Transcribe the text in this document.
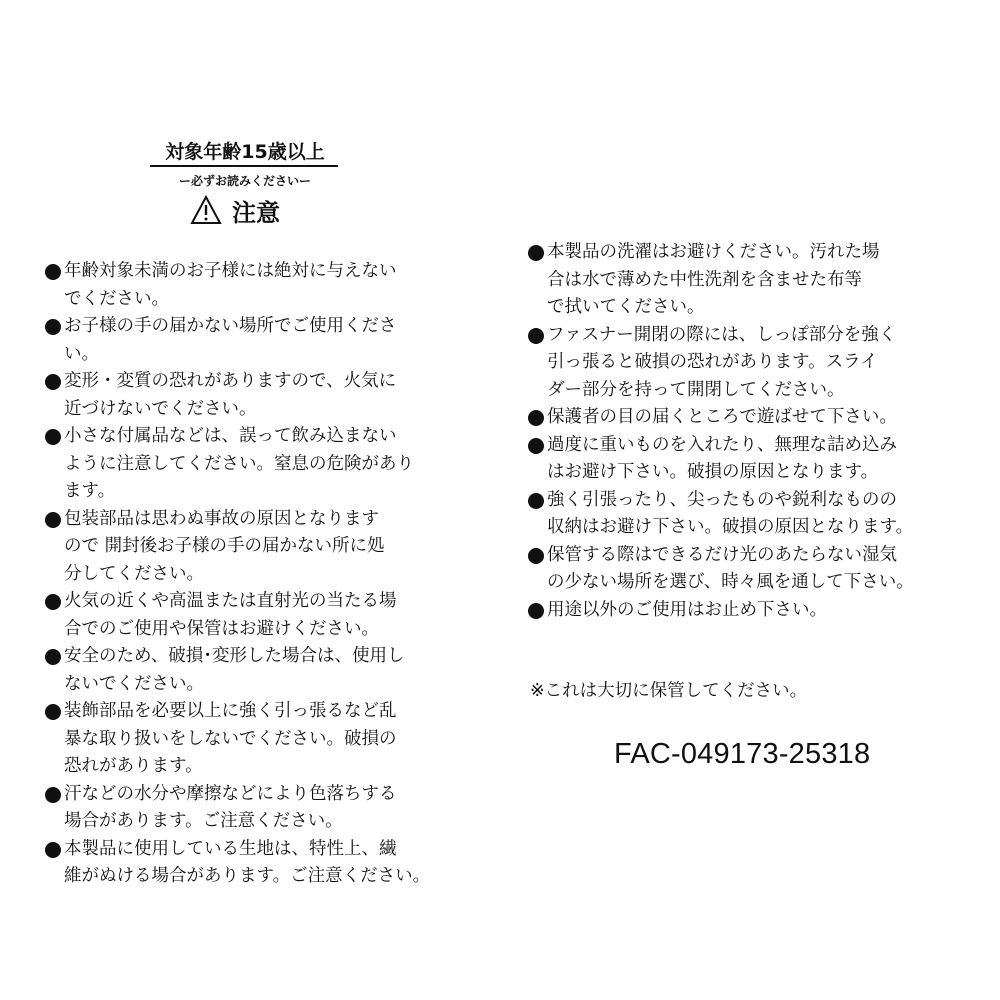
対象年齢15歳以上
ー必ずお読みくださいー
注意
年齢対象未満のお子様には絶対に与えない
でください。
お子様の手の届かない場所でご使用くださ
い。
変形・変質の恐れがありますので、火気に
近づけないでください。
小さな付属品などは、誤って飲み込まない
ように注意してください。窒息の危険があり
ます。
包装部品は思わぬ事故の原因となります
ので 開封後お子様の手の届かない所に処
分してください。
火気の近くや高温または直射光の当たる場
合でのご使用や保管はお避けください。
安全のため、破損･変形した場合は、使用し
ないでください。
装飾部品を必要以上に強く引っ張るなど乱
暴な取り扱いをしないでください。破損の
恐れがあります。
汗などの水分や摩擦などにより色落ちする
場合があります。ご注意ください。
本製品に使用している生地は、特性上、繊
維がぬける場合があります。ご注意ください。
本製品の洗濯はお避けください。汚れた場
合は水で薄めた中性洗剤を含ませた布等
で拭いてください。
ファスナー開閉の際には、しっぽ部分を強く
引っ張ると破損の恐れがあります。スライ
ダー部分を持って開閉してください。
保護者の目の届くところで遊ばせて下さい。
過度に重いものを入れたり、無理な詰め込み
はお避け下さい。破損の原因となります。
強く引張ったり、尖ったものや鋭利なものの
収納はお避け下さい。破損の原因となります。
保管する際はできるだけ光のあたらない湿気
の少ない場所を選び、時々風を通して下さい。
用途以外のご使用はお止め下さい。
※これは大切に保管してください。
FAC-049173-25318
